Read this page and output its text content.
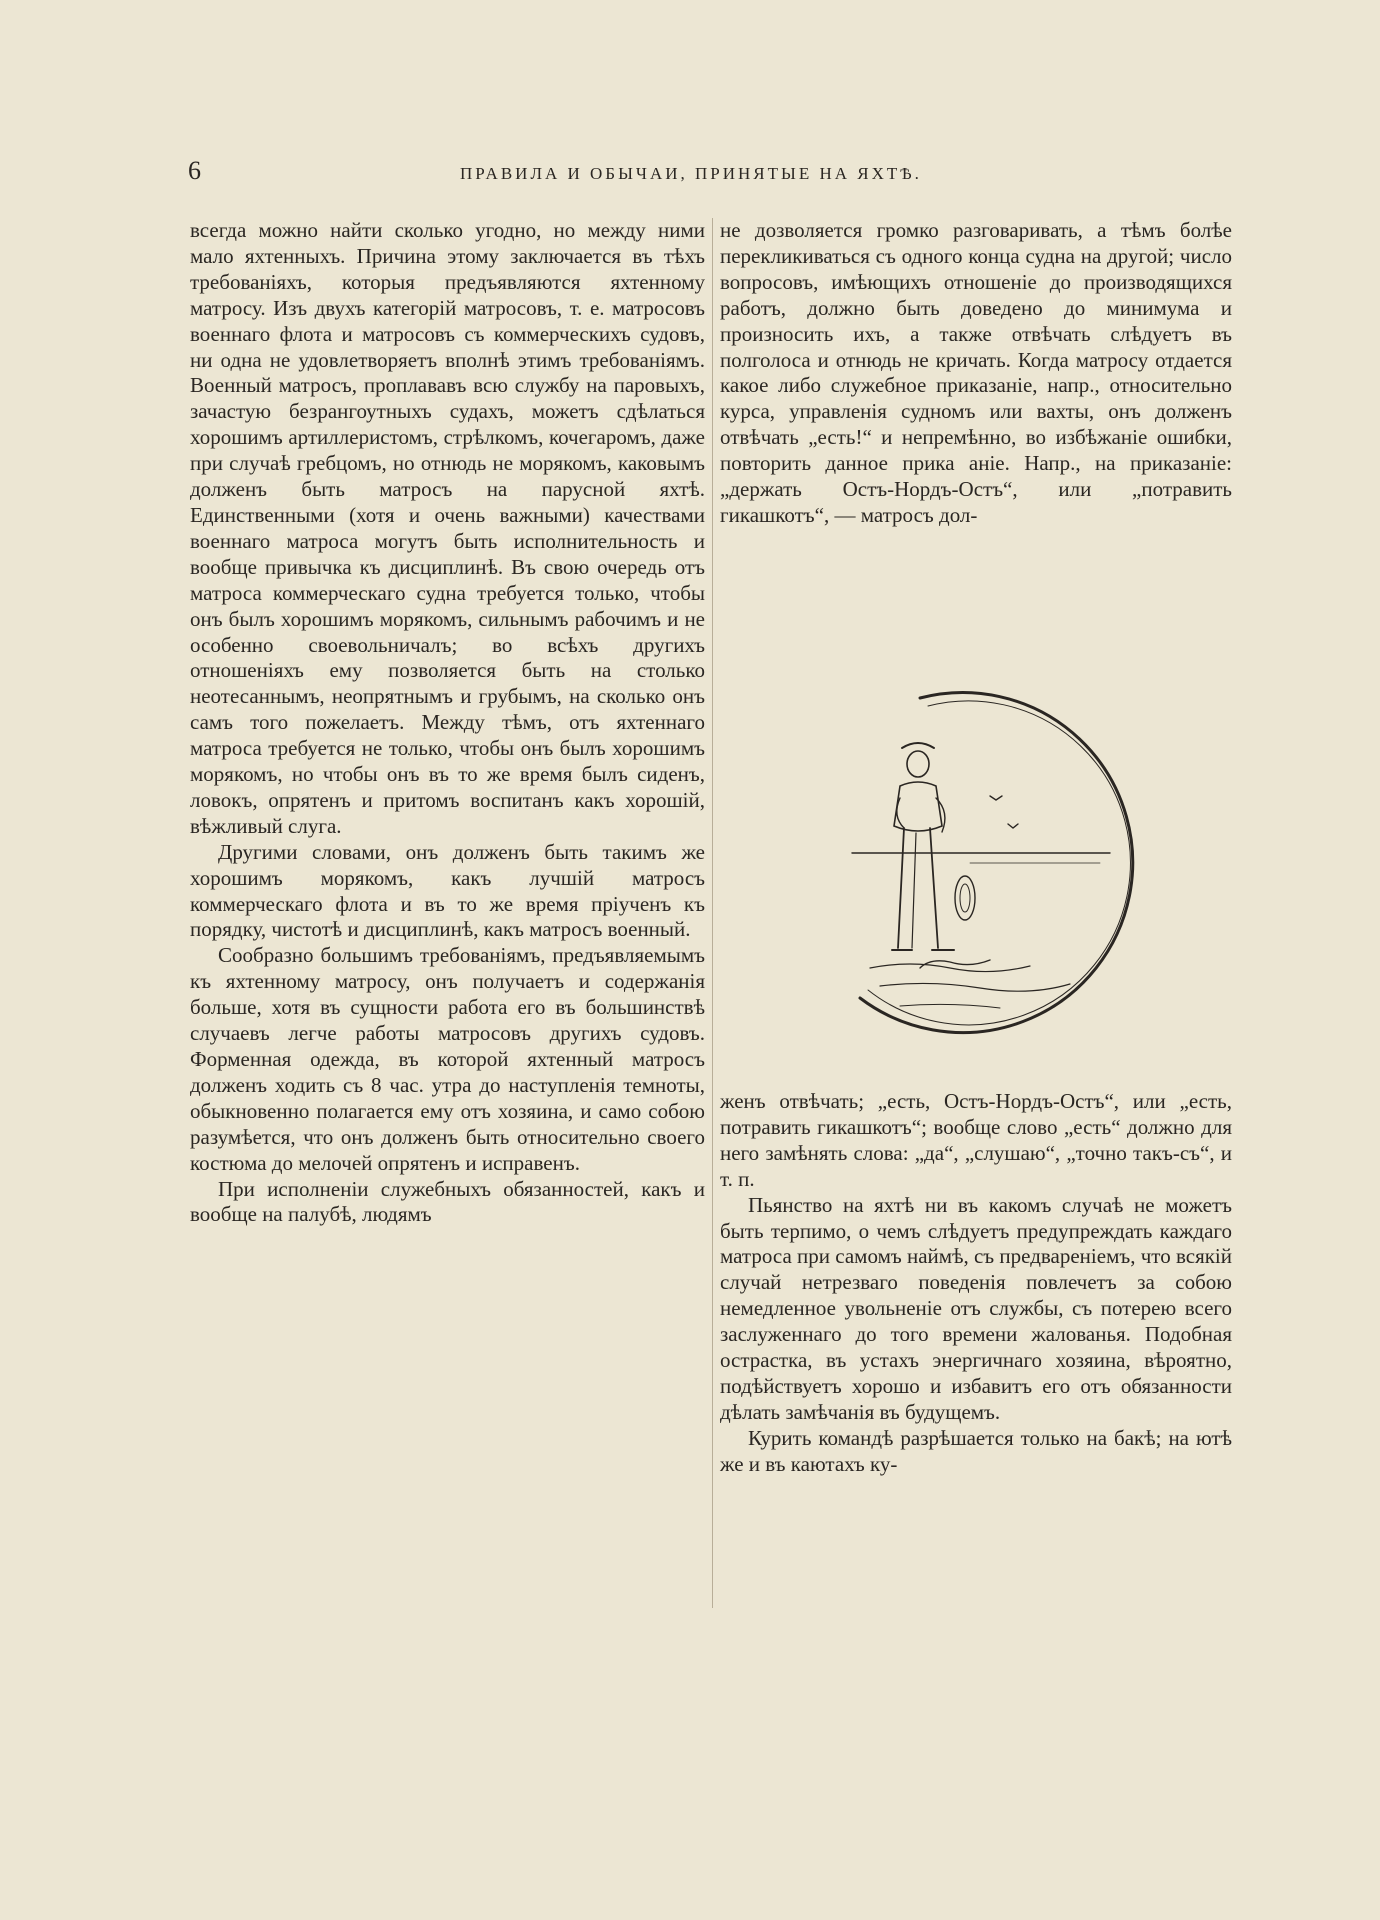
6	ПРАВИЛА И ОБЫЧАИ, ПРИНЯТЫЕ НА ЯХТѢ.

всегда можно найти сколько угодно, но между ними мало яхтенныхъ. Причина этому заключается въ тѣхъ требованіяхъ, которыя предъявляются яхтенному матросу. Изъ двухъ категорій матросовъ, т. е. матросовъ военнаго флота и матросовъ съ коммерческихъ судовъ, ни одна не удовлетворяетъ вполнѣ этимъ требованіямъ. Военный матросъ, проплававъ всю службу на паровыхъ, зачастую безрангоутныхъ судахъ, можетъ сдѣлаться хорошимъ артиллеристомъ, стрѣлкомъ, кочегаромъ, даже при случаѣ гребцомъ, но отнюдь не морякомъ, каковымъ долженъ быть матросъ на парусной яхтѣ. Единственными (хотя и очень важными) качествами военнаго матроса могутъ быть исполнительность и вообще привычка къ дисциплинѣ. Въ свою очередь отъ матроса коммерческаго судна требуется только, чтобы онъ былъ хорошимъ морякомъ, сильнымъ рабочимъ и не особенно своевольничалъ; во всѣхъ другихъ отношеніяхъ ему позволяется быть на столько неотесаннымъ, неопрятнымъ и грубымъ, на сколько онъ самъ того пожелаетъ. Между тѣмъ, отъ яхтеннаго матроса требуется не только, чтобы онъ былъ хорошимъ морякомъ, но чтобы онъ въ то же время былъ сиденъ, ловокъ, опрятенъ и притомъ воспитанъ какъ хорошій, вѣжливый слуга.

Другими словами, онъ долженъ быть такимъ же хорошимъ морякомъ, какъ лучшій матросъ коммерческаго флота и въ то же время пріученъ къ порядку, чистотѣ и дисциплинѣ, какъ матросъ военный.

Сообразно большимъ требованіямъ, предъявляемымъ къ яхтенному матросу, онъ получаетъ и содержанія больше, хотя въ сущности работа его въ большинствѣ случаевъ легче работы матросовъ другихъ судовъ. Форменная одежда, въ которой яхтенный матросъ долженъ ходить съ 8 час. утра до наступленія темноты, обыкновенно полагается ему отъ хозяина, и само собою разумѣется, что онъ долженъ быть относительно своего костюма до мелочей опрятенъ и исправенъ.

При исполненіи служебныхъ обязанностей, какъ и вообще на палубѣ, людямъ

не дозволяется громко разговаривать, а тѣмъ болѣе перекликиваться съ одного конца судна на другой; число вопросовъ, имѣющихъ отношеніе до производящихся работъ, должно быть доведено до минимума и произносить ихъ, а также отвѣчать слѣдуетъ въ полголоса и отнюдь не кричать. Когда матросу отдается какое либо служебное приказаніе, напр., относительно курса, управленія судномъ или вахты, онъ долженъ отвѣчать „есть!“ и непремѣнно, во избѣжаніе ошибки, повторить данное прика аніе. Напр., на приказаніе: „держать Остъ-Нордъ-Остъ“, или „потравить гикашкотъ“, — матросъ дол-

женъ отвѣчать; „есть, Остъ-Нордъ-Остъ“, или „есть, потравить гикашкотъ“; вообще слово „есть“ должно для него замѣнять слова: „да“, „слушаю“, „точно такъ-съ“, и т. п.

Пьянство на яхтѣ ни въ какомъ случаѣ не можетъ быть терпимо, о чемъ слѣдуетъ предупреждать каждаго матроса при самомъ наймѣ, съ предвареніемъ, что всякій случай нетрезваго поведенія повлечетъ за собою немедленное увольненіе отъ службы, съ потерею всего заслуженнаго до того времени жалованья. Подобная острастка, въ устахъ энергичнаго хозяина, вѣроятно, подѣйствуетъ хорошо и избавитъ его отъ обязанности дѣлать замѣчанія въ будущемъ.

Курить командѣ разрѣшается только на бакѣ; на ютѣ же и въ каютахъ ку-
